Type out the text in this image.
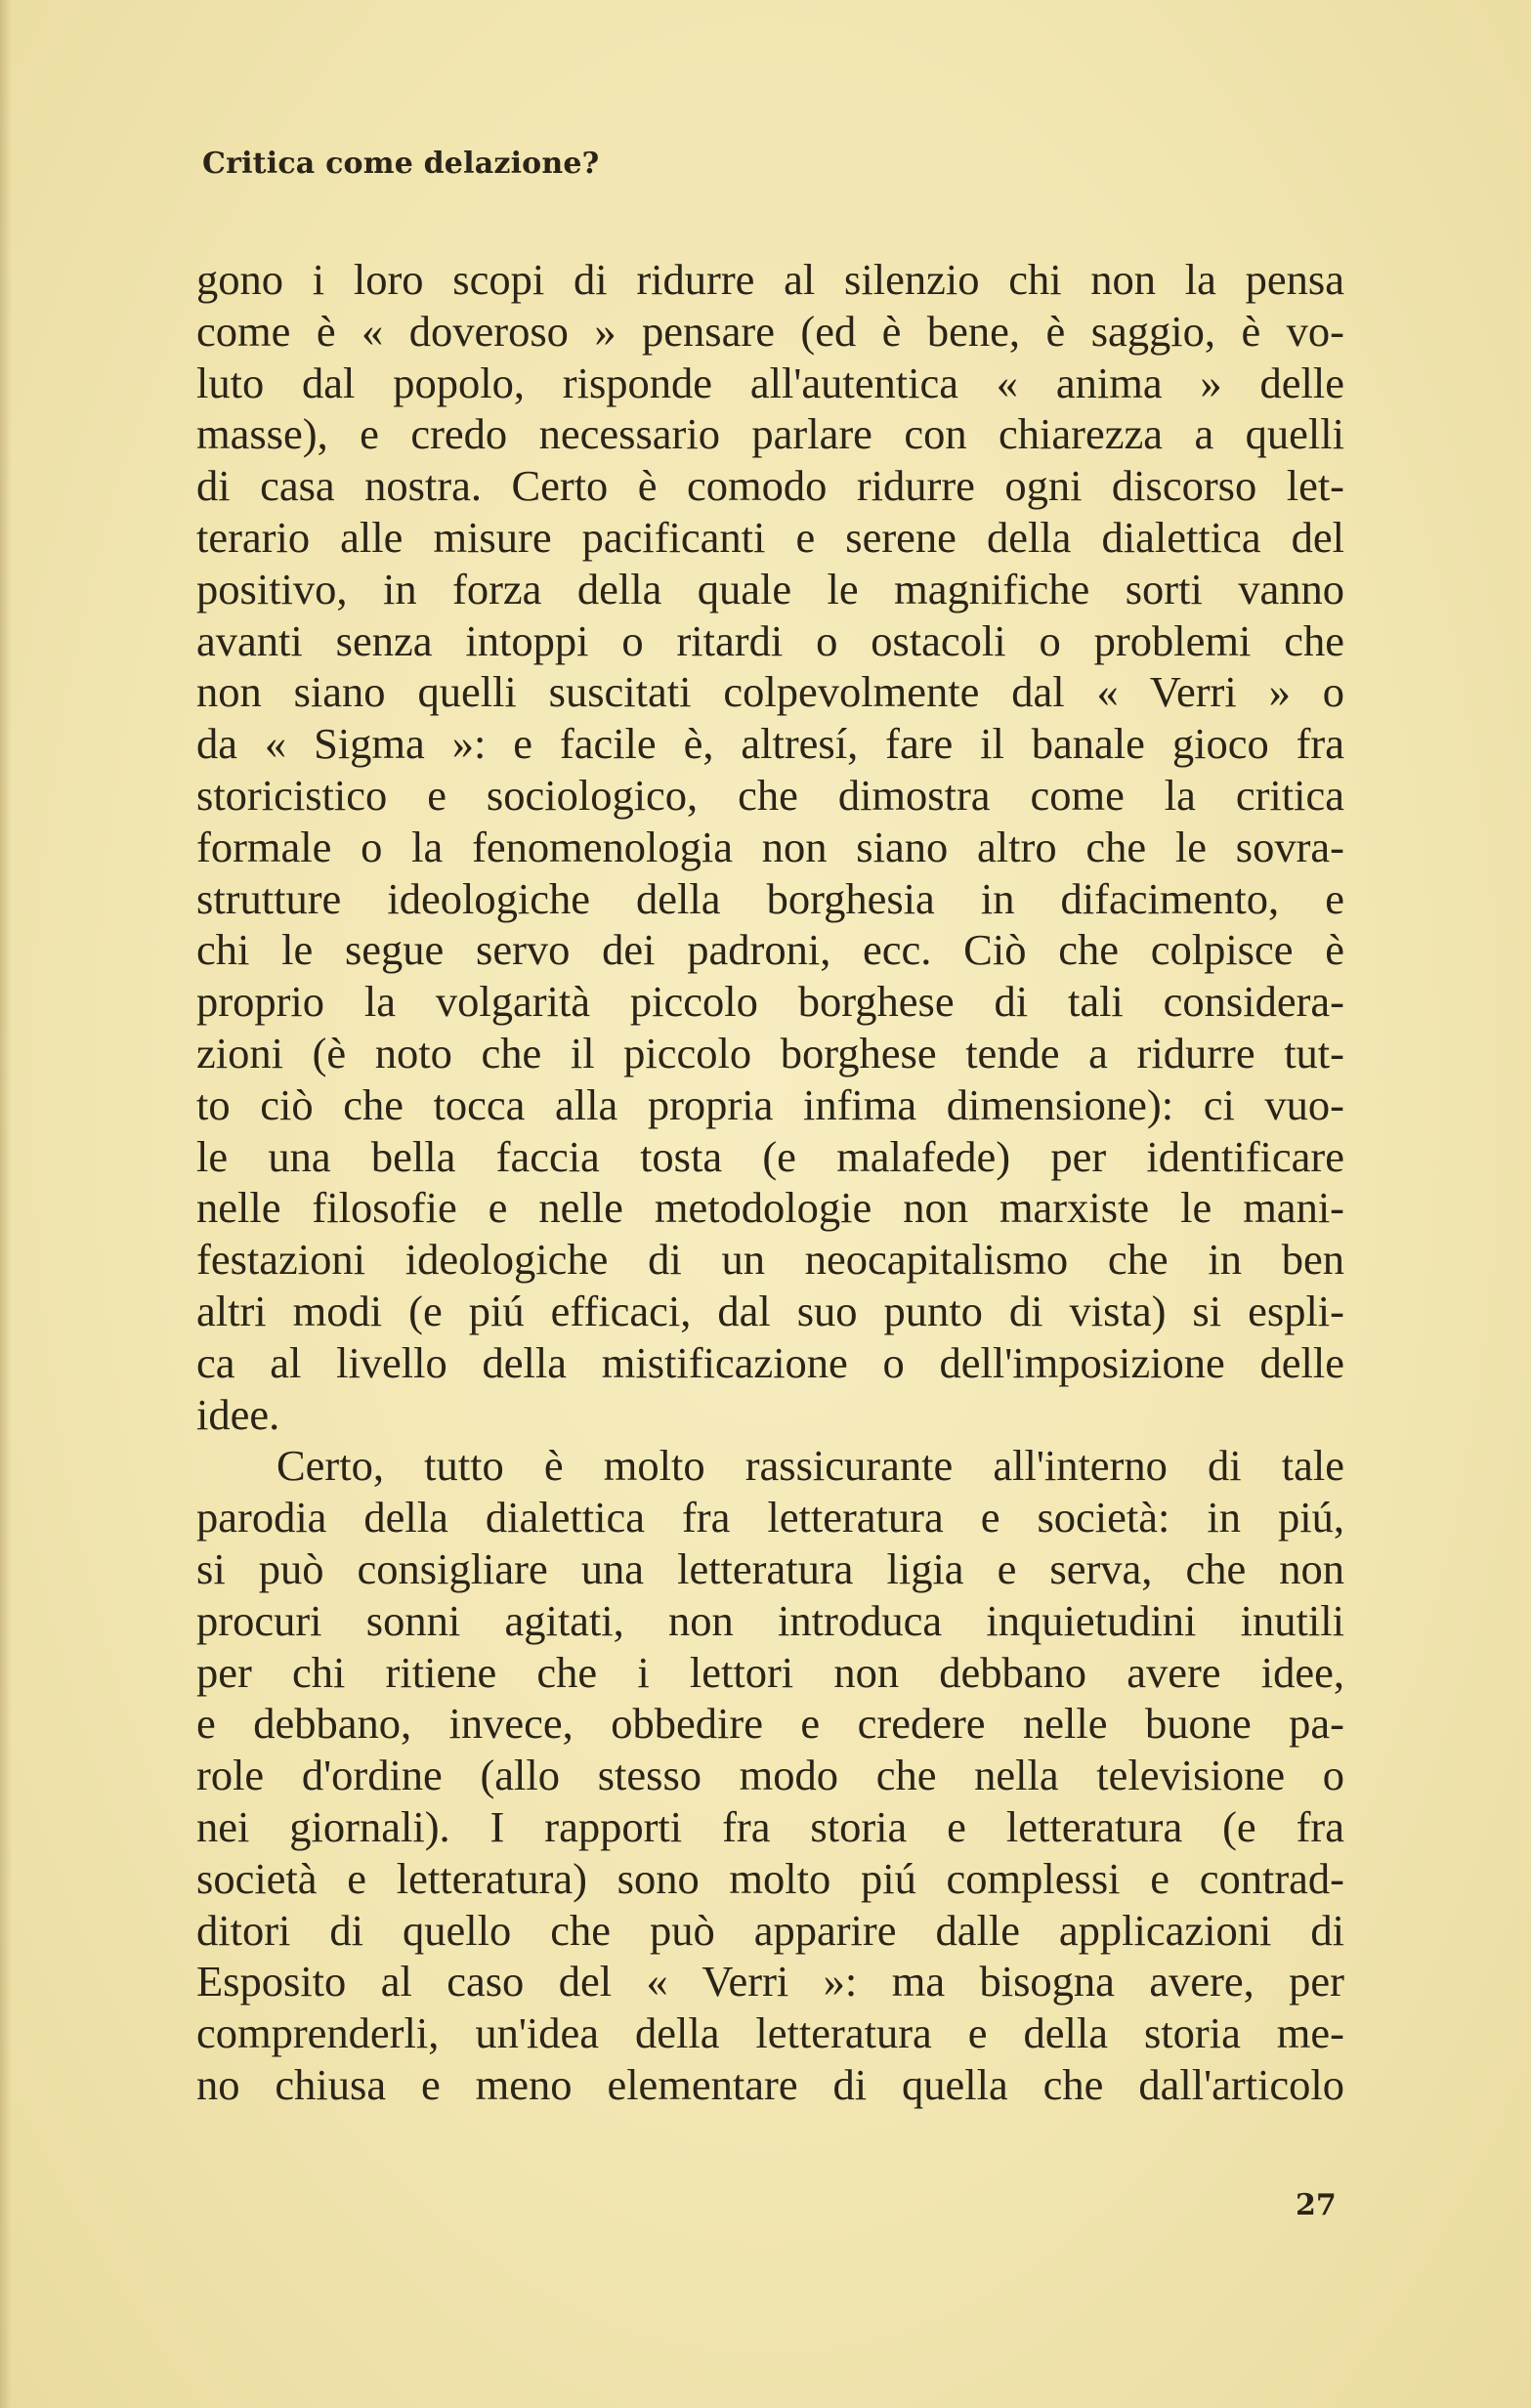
Critica come delazione?
gono i loro scopi di ridurre al silenzio chi non la pensa
come è « doveroso » pensare (ed è bene, è saggio, è vo-
luto dal popolo, risponde all'autentica « anima » delle
masse), e credo necessario parlare con chiarezza a quelli
di casa nostra. Certo è comodo ridurre ogni discorso let-
terario alle misure pacificanti e serene della dialettica del
positivo, in forza della quale le magnifiche sorti vanno
avanti senza intoppi o ritardi o ostacoli o problemi che
non siano quelli suscitati colpevolmente dal « Verri » o
da « Sigma »: e facile è, altresí, fare il banale gioco fra
storicistico e sociologico, che dimostra come la critica
formale o la fenomenologia non siano altro che le sovra-
strutture ideologiche della borghesia in difacimento, e
chi le segue servo dei padroni, ecc. Ciò che colpisce è
proprio la volgarità piccolo borghese di tali considera-
zioni (è noto che il piccolo borghese tende a ridurre tut-
to ciò che tocca alla propria infima dimensione): ci vuo-
le una bella faccia tosta (e malafede) per identificare
nelle filosofie e nelle metodologie non marxiste le mani-
festazioni ideologiche di un neocapitalismo che in ben
altri modi (e piú efficaci, dal suo punto di vista) si espli-
ca al livello della mistificazione o dell'imposizione delle
idee.
Certo, tutto è molto rassicurante all'interno di tale
parodia della dialettica fra letteratura e società: in piú,
si può consigliare una letteratura ligia e serva, che non
procuri sonni agitati, non introduca inquietudini inutili
per chi ritiene che i lettori non debbano avere idee,
e debbano, invece, obbedire e credere nelle buone pa-
role d'ordine (allo stesso modo che nella televisione o
nei giornali). I rapporti fra storia e letteratura (e fra
società e letteratura) sono molto piú complessi e contrad-
ditori di quello che può apparire dalle applicazioni di
Esposito al caso del « Verri »: ma bisogna avere, per
comprenderli, un'idea della letteratura e della storia me-
no chiusa e meno elementare di quella che dall'articolo
27
